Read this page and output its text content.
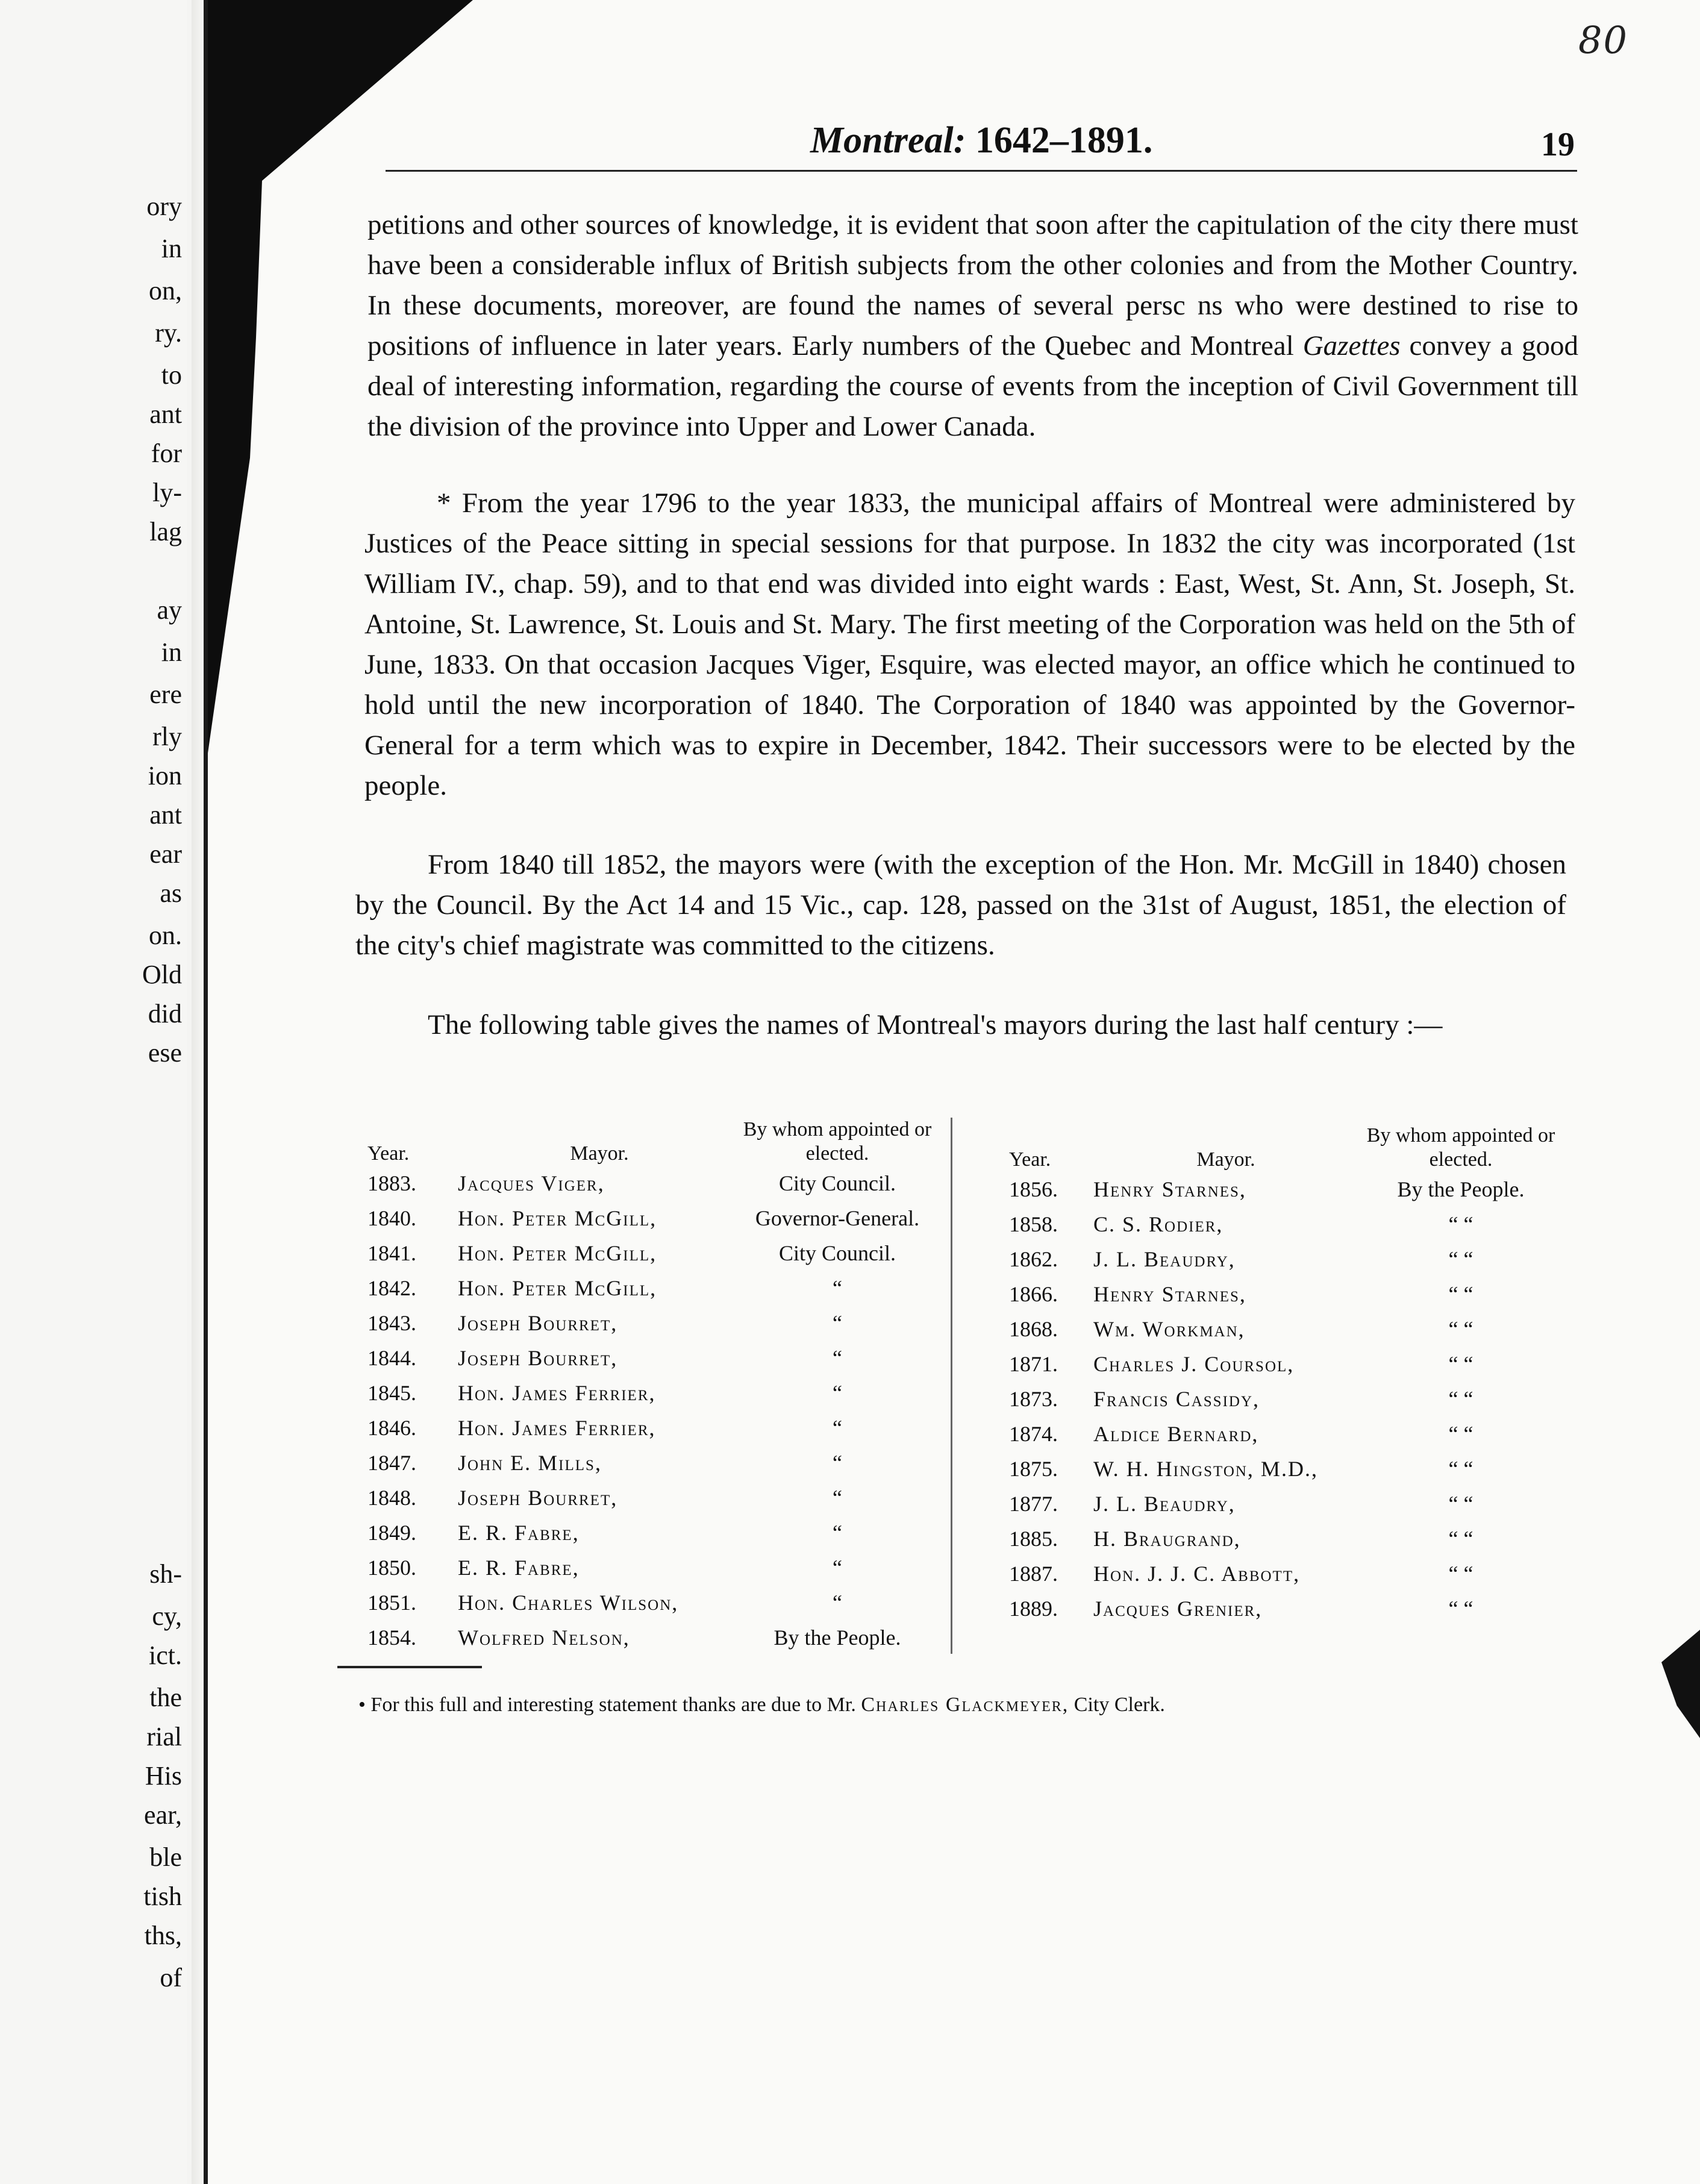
ory
in
on,
ry.
to
ant
for
ly-
lag
ay
in
ere
rly
ion
ant
ear
as
on.
Old
did
ese
sh-
cy,
ict.
the
rial
His
ear,
ble
tish
ths,
of
80
Montreal: 1642–1891.	19
petitions and other sources of knowledge, it is evident that soon after the capitulation of the city there must have been a considerable influx of British subjects from the other colonies and from the Mother Country. In these documents, moreover, are found the names of several persc ns who were destined to rise to positions of influence in later years. Early numbers of the Quebec and Montreal Gazettes convey a good deal of interesting information, regarding the course of events from the inception of Civil Government till the division of the province into Upper and Lower Canada.
* From the year 1796 to the year 1833, the municipal affairs of Montreal were administered by Justices of the Peace sitting in special sessions for that purpose. In 1832 the city was incorporated (1st William IV., chap. 59), and to that end was divided into eight wards : East, West, St. Ann, St. Joseph, St. Antoine, St. Lawrence, St. Louis and St. Mary. The first meeting of the Corporation was held on the 5th of June, 1833. On that occasion Jacques Viger, Esquire, was elected mayor, an office which he continued to hold until the new incorporation of 1840. The Corporation of 1840 was appointed by the Governor-General for a term which was to expire in December, 1842. Their successors were to be elected by the people.
From 1840 till 1852, the mayors were (with the exception of the Hon. Mr. McGill in 1840) chosen by the Council. By the Act 14 and 15 Vic., cap. 128, passed on the 31st of August, 1851, the election of the city's chief magistrate was committed to the citizens.
The following table gives the names of Montreal's mayors during the last half century :—
Year.	Mayor.
By whom appointed or elected.
1883.	Jacques Viger,	City Council.
1840.	Hon. Peter McGill,	Governor-General.
1841.	Hon. Peter McGill,	City Council.
1842.	Hon. Peter McGill,	“
1843.	Joseph Bourret,	“
1844.	Joseph Bourret,	“
1845.	Hon. James Ferrier,	“
1846.	Hon. James Ferrier,	“
1847.	John E. Mills,	“
1848.	Joseph Bourret,	“
1849.	E. R. Fabre,	“
1850.	E. R. Fabre,	“
1851.	Hon. Charles Wilson,	“
1854.	Wolfred Nelson,	By the People.
Year.	Mayor.
By whom appointed or elected.
1856.	Henry Starnes,	By the People.
1858.	C. S. Rodier,	“ “
1862.	J. L. Beaudry,	“ “
1866.	Henry Starnes,	“ “
1868.	Wm. Workman,	“ “
1871.	Charles J. Coursol,	“ “
1873.	Francis Cassidy,	“ “
1874.	Aldice Bernard,	“ “
1875.	W. H. Hingston, M.D.,	“ “
1877.	J. L. Beaudry,	“ “
1885.	H. Braugrand,	“ “
1887.	Hon. J. J. C. Abbott,	“ “
1889.	Jacques Grenier,	“ “
• For this full and interesting statement thanks are due to Mr. Charles Glackmeyer, City Clerk.
